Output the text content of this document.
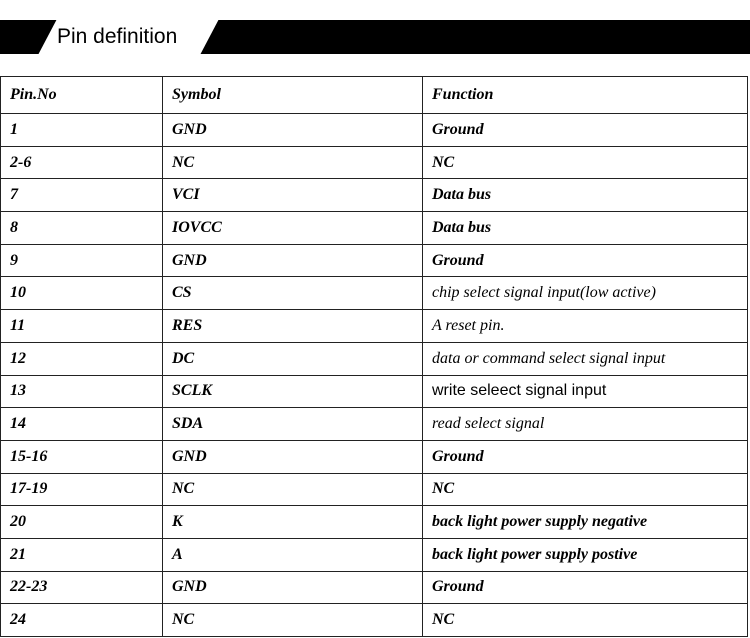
Pin definition
Pin.No	Symbol	Function
1	GND	Ground
2-6	NC	NC
7	VCI	Data bus
8	IOVCC	Data bus
9	GND	Ground
10	CS	chip select signal input(low active)
11	RES	A reset pin.
12	DC	data or command select signal input
13	SCLK	write seleect signal input
14	SDA	read select signal
15-16	GND	Ground
17-19	NC	NC
20	K	back light power supply negative
21	A	back light power supply postive
22-23	GND	Ground
24	NC	NC
